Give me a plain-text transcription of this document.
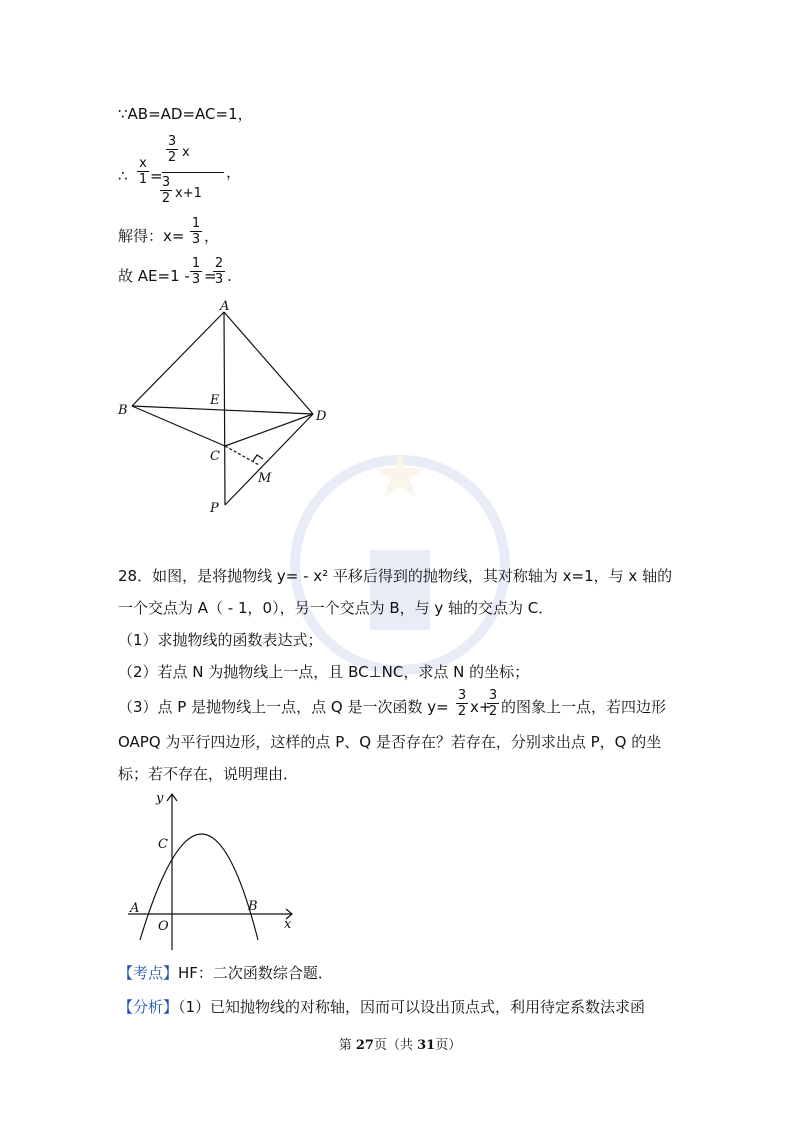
∵AB=AD=AC=1，
∴
x
1 =
3
2 x
3
2 x+1
，
解得：x=
1
3 ，
故 AE=1 -
1
3 =
2
3 .
A
B
E
D
C
M
P
28．如图，是将抛物线 y= - x² 平移后得到的抛物线，其对称轴为 x=1，与 x 轴的
一个交点为 A（ - 1，0），另一个交点为 B，与 y 轴的交点为 C．
（1）求抛物线的函数表达式；
（2）若点 N 为抛物线上一点，且 BC⊥NC，求点 N 的坐标；
（3）点 P 是抛物线上一点，点 Q 是一次函数 y=
3
2 x+
3
2 的图象上一点，若四边形
OAPQ 为平行四边形，这样的点 P、Q 是否存在？若存在，分别求出点 P，Q 的坐
标；若不存在，说明理由．
y
x
C
A
O
B
【考点】HF：二次函数综合题．
【分析】（1）已知抛物线的对称轴，因而可以设出顶点式，利用待定系数法求函
第 27页（共 31页）
